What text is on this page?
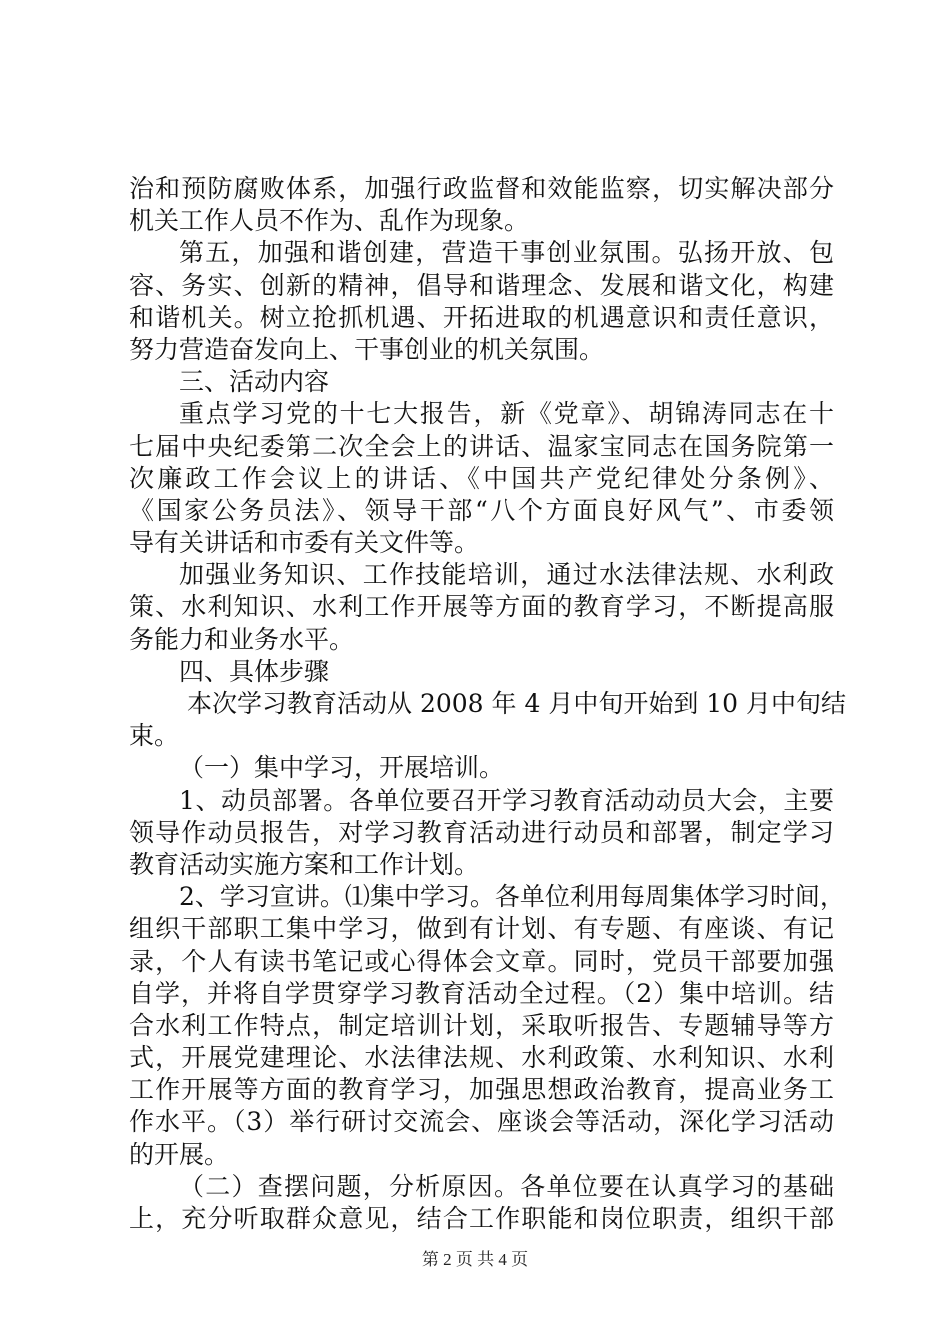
治和预防腐败体系，加强行政监督和效能监察，切实解决部分
机关工作人员不作为、乱作为现象。
第五，加强和谐创建，营造干事创业氛围。弘扬开放、包
容、务实、创新的精神，倡导和谐理念、发展和谐文化，构建
和谐机关。树立抢抓机遇、开拓进取的机遇意识和责任意识，
努力营造奋发向上、干事创业的机关氛围。
三、活动内容
重点学习党的十七大报告，新《党章》、胡锦涛同志在十
七届中央纪委第二次全会上的讲话、温家宝同志在国务院第一
次廉政工作会议上的讲话、《中国共产党纪律处分条例》、
《国家公务员法》、领导干部“八个方面良好风气”、市委领
导有关讲话和市委有关文件等。
加强业务知识、工作技能培训，通过水法律法规、水利政
策、水利知识、水利工作开展等方面的教育学习，不断提高服
务能力和业务水平。
四、具体步骤
本次学习教育活动从 2008 年 4 月中旬开始到 10 月中旬结
束。
（一）集中学习，开展培训。
1、动员部署。各单位要召开学习教育活动动员大会，主要
领导作动员报告，对学习教育活动进行动员和部署，制定学习
教育活动实施方案和工作计划。
2、学习宣讲。⑴集中学习。各单位利用每周集体学习时间，
组织干部职工集中学习，做到有计划、有专题、有座谈、有记
录，个人有读书笔记或心得体会文章。同时，党员干部要加强
自学，并将自学贯穿学习教育活动全过程。（2）集中培训。结
合水利工作特点，制定培训计划，采取听报告、专题辅导等方
式，开展党建理论、水法律法规、水利政策、水利知识、水利
工作开展等方面的教育学习，加强思想政治教育，提高业务工
作水平。（3）举行研讨交流会、座谈会等活动，深化学习活动
的开展。
（二）查摆问题，分析原因。各单位要在认真学习的基础
上，充分听取群众意见，结合工作职能和岗位职责，组织干部
第 2 页 共 4 页
